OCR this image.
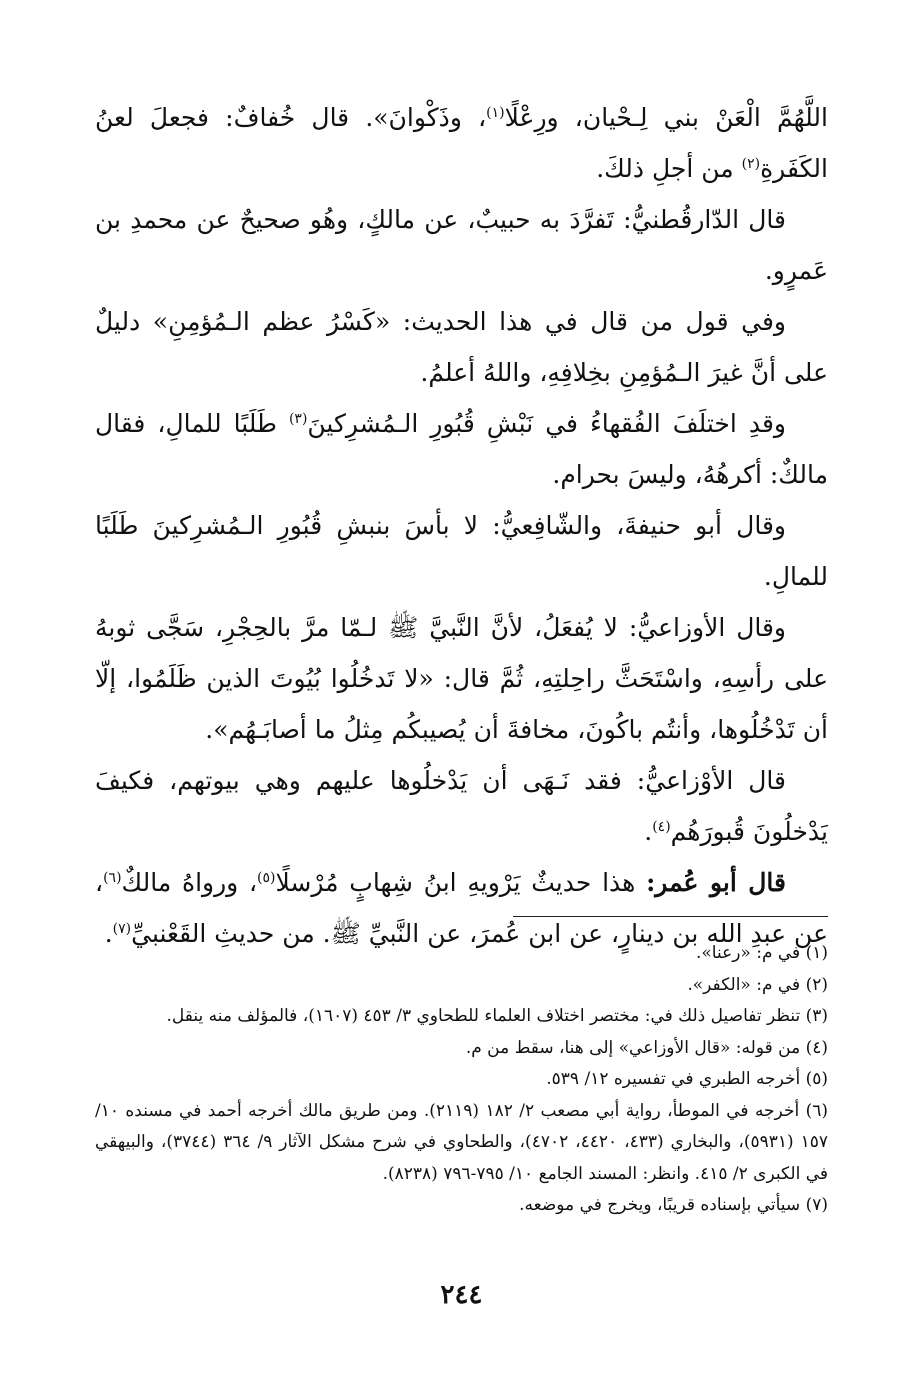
اللَّهُمَّ الْعَنْ بني لِـحْيان، ورِعْلًا$^{(١)}$، وذَكْوانَ». قال خُفافٌ: فجعلَ لعنُ الكَفَرةِ$^{(٢)}$ من أجلِ ذلكَ.

قال الدّارقُطنيُّ: تَفرَّدَ به حبيبٌ، عن مالكٍ، وهُو صحيحٌ عن محمدِ بن عَمرٍو.

وفي قول من قال في هذا الحديث: «كَسْرُ عظم الـمُؤمِنِ» دليلٌ على أنَّ غيرَ الـمُؤمِنِ بخِلافِهِ، واللهُ أعلمُ.

وقدِ اختلَفَ الفُقهاءُ في نَبْشِ قُبُورِ الـمُشرِكينَ$^{(٣)}$ طَلَبًا للمالِ، فقال مالكٌ: أكرهُهُ، وليسَ بحرام.

وقال أبو حنيفةَ، والشّافِعيُّ: لا بأسَ بنبشِ قُبُورِ الـمُشرِكينَ طَلَبًا للمالِ.

وقال الأوزاعيُّ: لا يُفعَلُ، لأنَّ النَّبيَّ ﷺ لـمّا مرَّ بالحِجْرِ، سَجَّى ثوبهُ على رأسِهِ، واسْتَحَثَّ راحِلتِهِ، ثُمَّ قال: «لا تَدخُلُوا بُيُوتَ الذين ظَلَمُوا، إلّا أن تَدْخُلُوها، وأنتُم باكُونَ، مخافةَ أن يُصيبكُم مِثلُ ما أصابَـهُم».

قال الأوْزاعيُّ: فقد نَـهَى أن يَدْخلُوها عليهم وهي بيوتهم، فكيفَ يَدْخلُونَ قُبورَهُم$^{(٤)}$.

قال أبو عُمر: هذا حديثٌ يَرْويهِ ابنُ شِهابٍ مُرْسلًا$^{(٥)}$، ورواهُ مالكٌ$^{(٦)}$، عن عبدِ الله بن دينارٍ، عن ابن عُمرَ، عن النَّبيِّ ﷺ. من حديثِ القَعْنبيِّ$^{(٧)}$.

(١) في م: «رعنا».

(٢) في م: «الكفر».

(٣) تنظر تفاصيل ذلك في: مختصر اختلاف العلماء للطحاوي ٣/ ٤٥٣ (١٦٠٧)، فالمؤلف منه ينقل.

(٤) من قوله: «قال الأوزاعي» إلى هنا، سقط من م.

(٥) أخرجه الطبري في تفسيره ١٢/ ٥٣٩.

(٦) أخرجه في الموطأ، رواية أبي مصعب ٢/ ١٨٢ (٢١١٩). ومن طريق مالك أخرجه أحمد في مسنده ١٠/ ١٥٧ (٥٩٣١)، والبخاري (٤٣٣، ٤٤٢٠، ٤٧٠٢)، والطحاوي في شرح مشكل الآثار ٩/ ٣٦٤ (٣٧٤٤)، والبيهقي في الكبرى ٢/ ٤١٥. وانظر: المسند الجامع ١٠/ ٧٩٥-٧٩٦ (٨٢٣٨).

(٧) سيأتي بإسناده قريبًا، ويخرج في موضعه.

٢٤٤
